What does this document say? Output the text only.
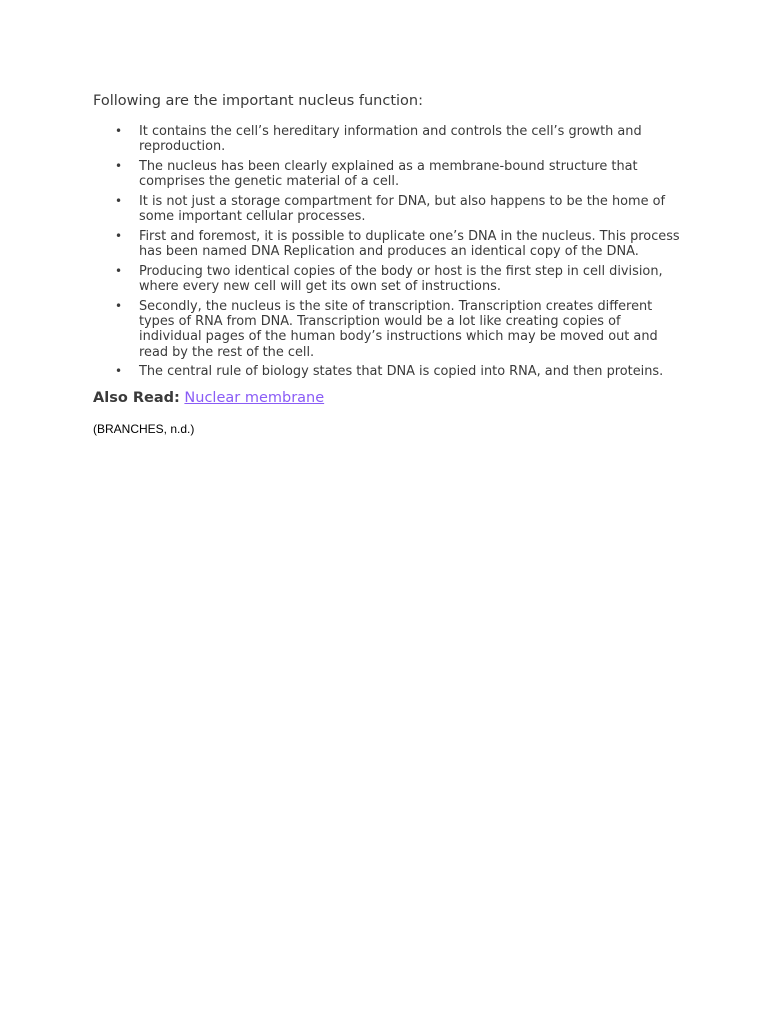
Following are the important nucleus function:

• It contains the cell’s hereditary information and controls the cell’s growth and reproduction.
• The nucleus has been clearly explained as a membrane-bound structure that comprises the genetic material of a cell.
• It is not just a storage compartment for DNA, but also happens to be the home of some important cellular processes.
• First and foremost, it is possible to duplicate one’s DNA in the nucleus. This process has been named DNA Replication and produces an identical copy of the DNA.
• Producing two identical copies of the body or host is the first step in cell division, where every new cell will get its own set of instructions.
• Secondly, the nucleus is the site of transcription. Transcription creates different types of RNA from DNA. Transcription would be a lot like creating copies of individual pages of the human body’s instructions which may be moved out and read by the rest of the cell.
• The central rule of biology states that DNA is copied into RNA, and then proteins.
Also Read: Nuclear membrane
(BRANCHES, n.d.)
